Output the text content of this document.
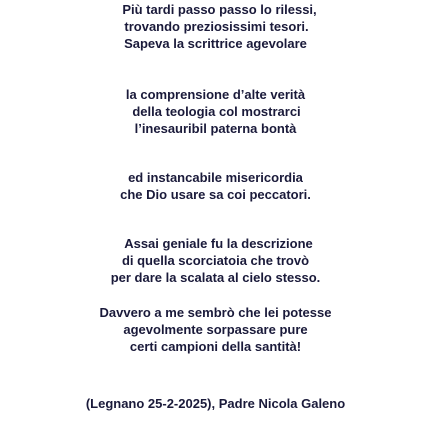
Più tardi passo passo lo rilessi,
trovando preziosissimi tesori.
Sapeva la scrittrice agevolare
la comprensione d’alte verità
della teologia col mostrarci
l’inesauribil paterna bontà
ed instancabile misericordia
che Dio usare sa coi peccatori.
Assai geniale fu la descrizione
di quella scorciatoia che trovò
per dare la scalata al cielo stesso.
Davvero a me sembrò che lei potesse
agevolmente sorpassare pure
certi campioni della santità!
(Legnano 25-2-2025), Padre Nicola Galeno
